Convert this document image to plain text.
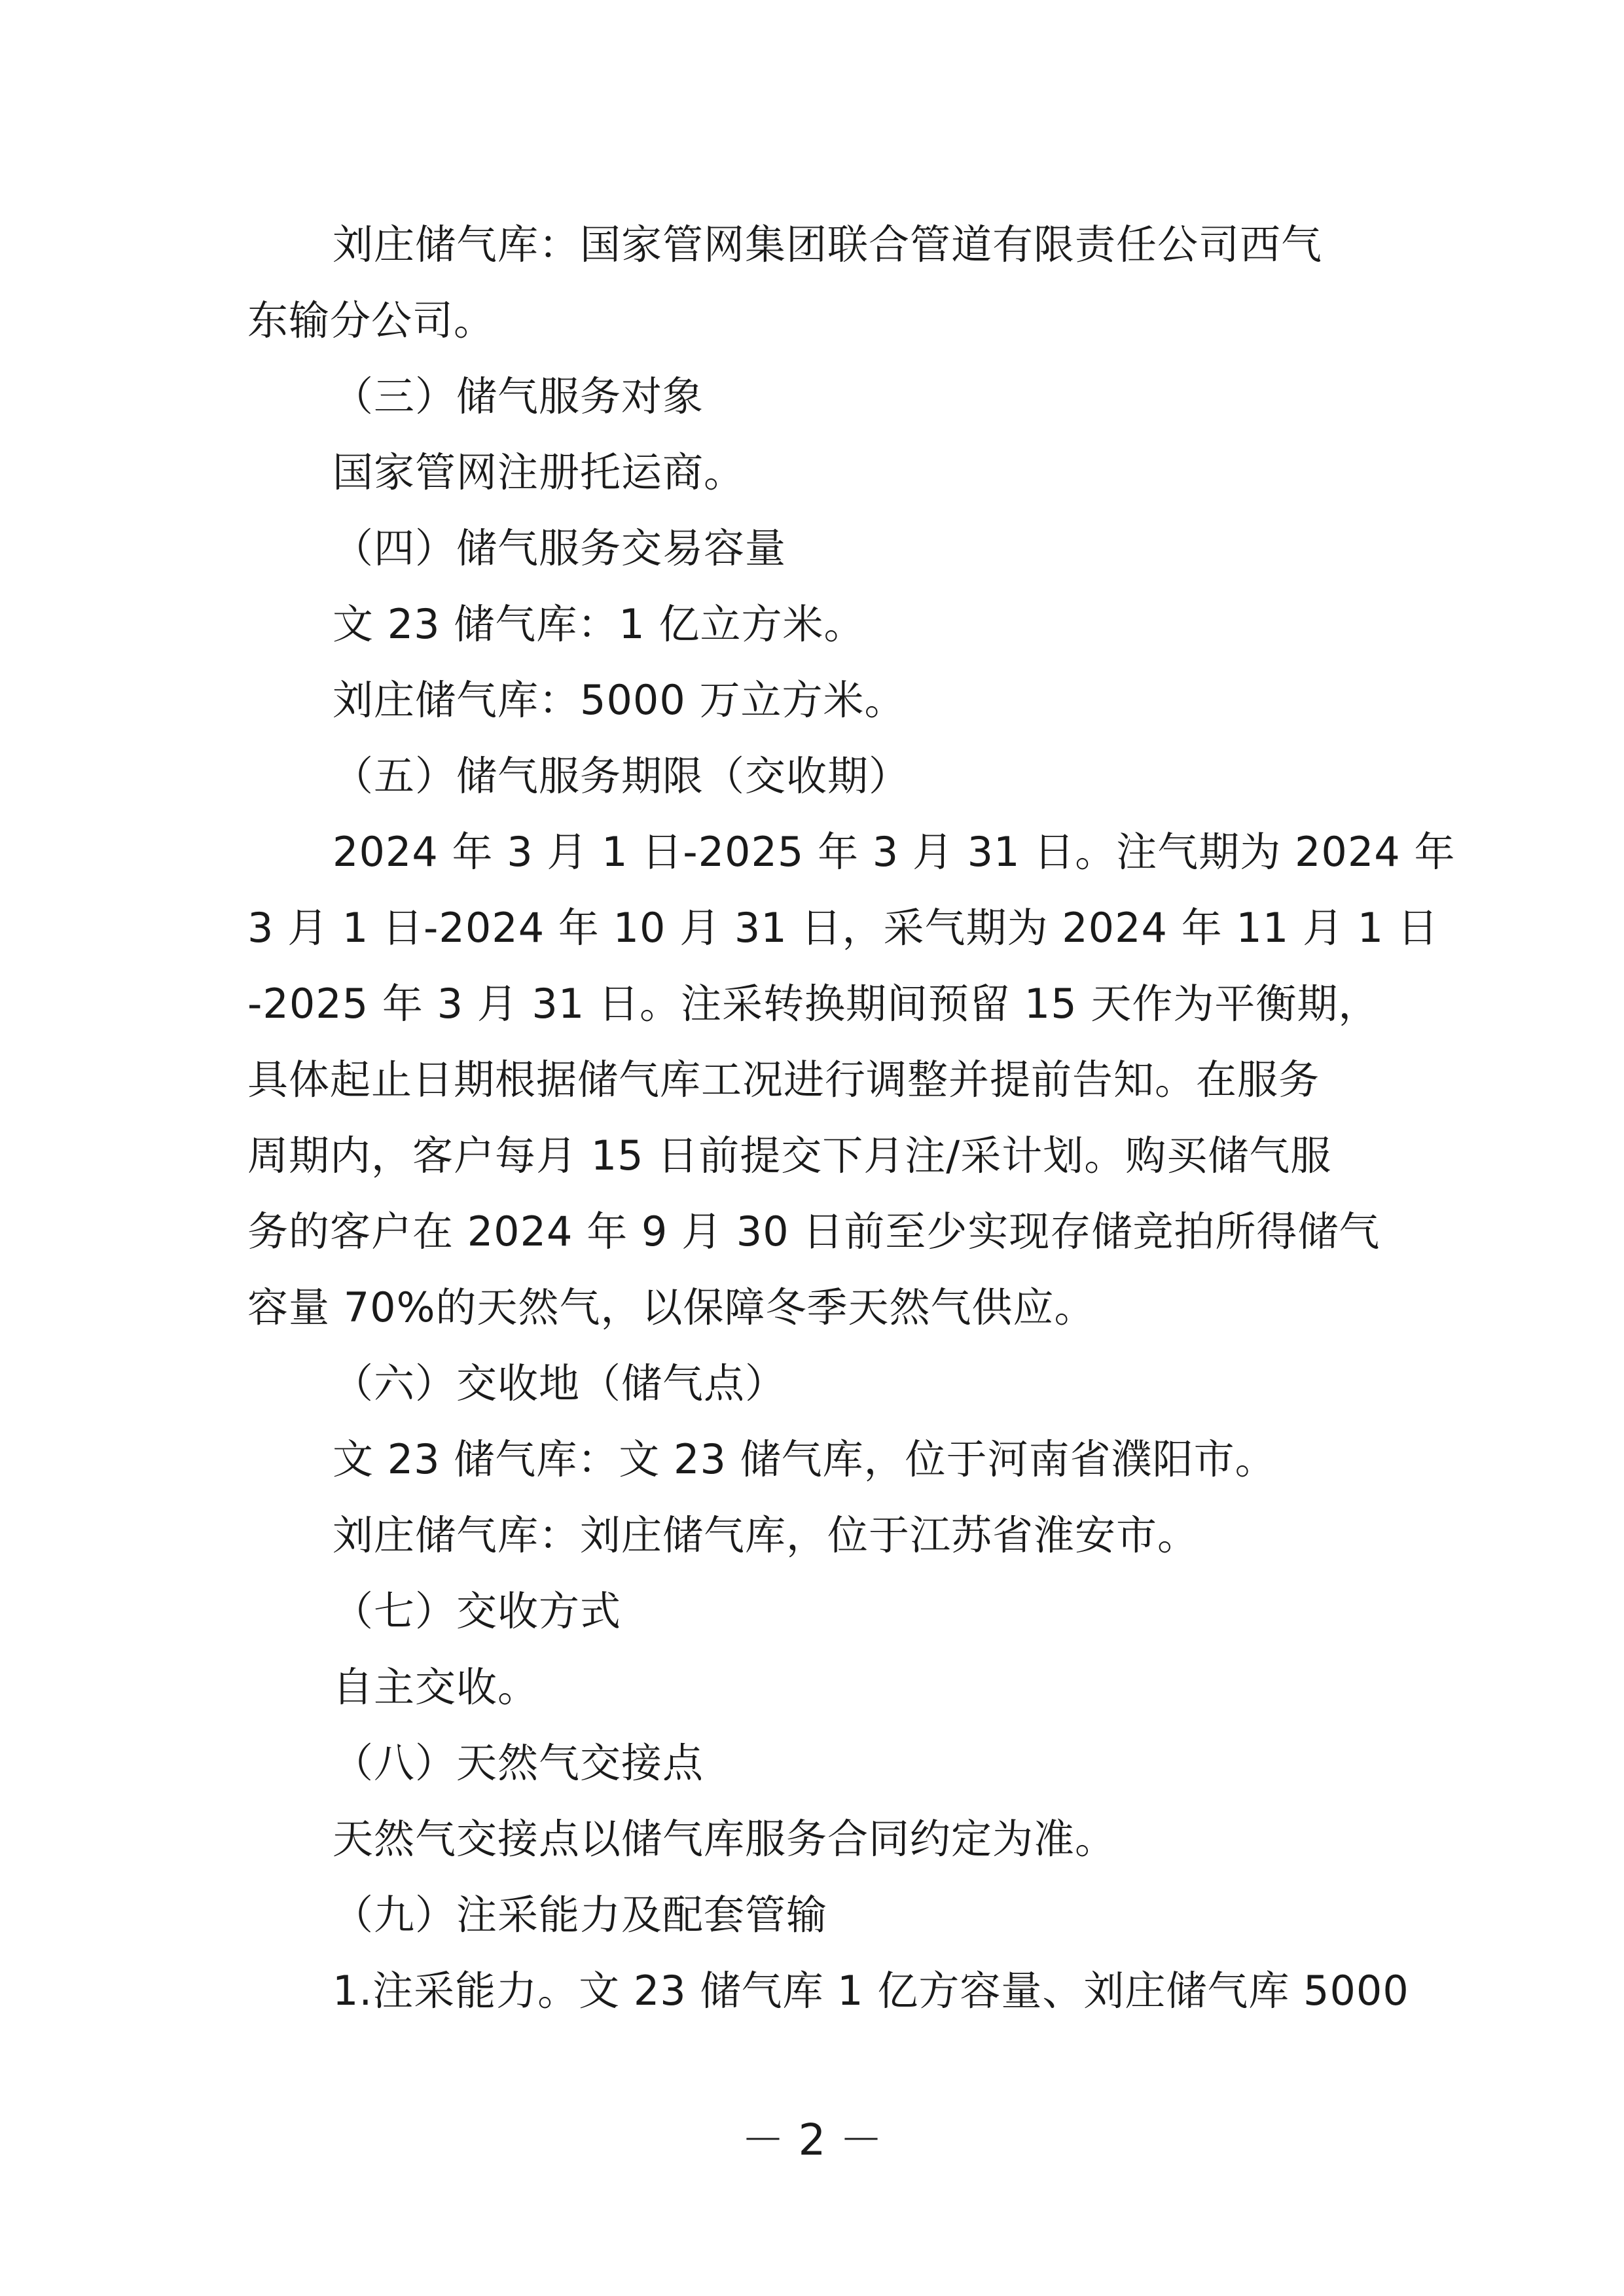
刘庄储气库：国家管网集团联合管道有限责任公司西气

东输分公司。

（三）储气服务对象

国家管网注册托运商。

（四）储气服务交易容量

文 23 储气库：1 亿立方米。

刘庄储气库：5000 万立方米。

（五）储气服务期限（交收期）

2024 年 3 月 1 日-2025 年 3 月 31 日。注气期为 2024 年

3 月 1 日-2024 年 10 月 31 日，采气期为 2024 年 11 月 1 日

-2025 年 3 月 31 日。注采转换期间预留 15 天作为平衡期，

具体起止日期根据储气库工况进行调整并提前告知。在服务

周期内，客户每月 15 日前提交下月注/采计划。购买储气服

务的客户在 2024 年 9 月 30 日前至少实现存储竞拍所得储气

容量 70%的天然气，以保障冬季天然气供应。

（六）交收地（储气点）

文 23 储气库：文 23 储气库，位于河南省濮阳市。

刘庄储气库：刘庄储气库，位于江苏省淮安市。

（七）交收方式

自主交收。

（八）天然气交接点

天然气交接点以储气库服务合同约定为准。

（九）注采能力及配套管输

1.注采能力。文 23 储气库 1 亿方容量、刘庄储气库 5000

－ 2 －
